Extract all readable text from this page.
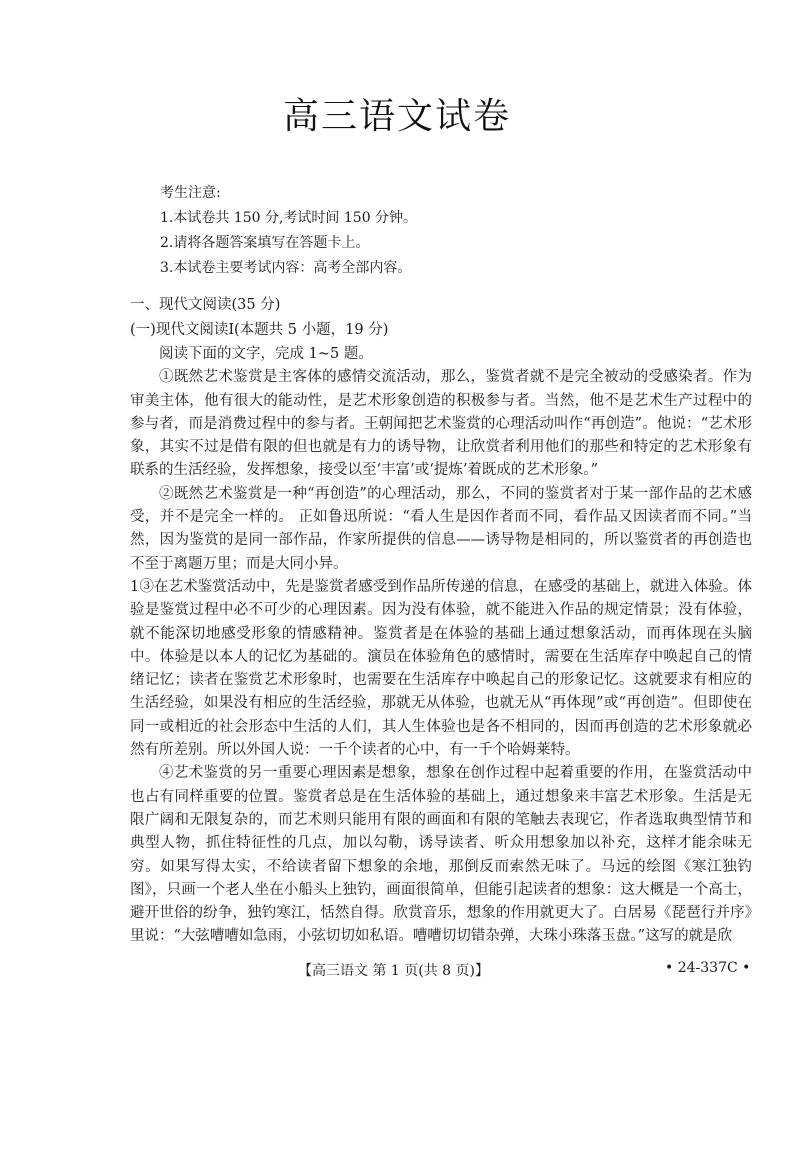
高三语文试卷
考生注意:
1.本试卷共 150 分,考试时间 150 分钟。
2.请将各题答案填写在答题卡上。
3.本试卷主要考试内容：高考全部内容。
一、现代文阅读(35 分)
(一)现代文阅读Ⅰ(本题共 5 小题，19 分)

阅读下面的文字，完成 1~5 题。

①既然艺术鉴赏是主客体的感情交流活动，那么，鉴赏者就不是完全被动的受感染者。作为审美主体，他有很大的能动性，是艺术形象创造的积极参与者。当然，他不是艺术生产过程中的参与者，而是消费过程中的参与者。王朝闻把艺术鉴赏的心理活动叫作“再创造”。他说：“艺术形象，其实不过是借有限的但也就是有力的诱导物，让欣赏者利用他们的那些和特定的艺术形象有联系的生活经验，发挥想象，接受以至‘丰富’或‘提炼’着既成的艺术形象。”

②既然艺术鉴赏是一种“再创造”的心理活动，那么，不同的鉴赏者对于某一部作品的艺术感受，并不是完全一样的。 正如鲁迅所说：“看人生是因作者而不同，看作品又因读者而不同。”当然，因为鉴赏的是同一部作品，作家所提供的信息——诱导物是相同的，所以鉴赏者的再创造也不至于离题万里；而是大同小异。

1③在艺术鉴赏活动中，先是鉴赏者感受到作品所传递的信息，在感受的基础上，就进入体验。体验是鉴赏过程中必不可少的心理因素。因为没有体验，就不能进入作品的规定情景；没有体验，就不能深切地感受形象的情感精神。鉴赏者是在体验的基础上通过想象活动，而再体现在头脑中。体验是以本人的记忆为基础的。演员在体验角色的感情时，需要在生活库存中唤起自己的情绪记忆；读者在鉴赏艺术形象时，也需要在生活库存中唤起自己的形象记忆。这就要求有相应的生活经验，如果没有相应的生活经验，那就无从体验，也就无从“再体现”或“再创造”。但即使在同一或相近的社会形态中生活的人们，其人生体验也是各不相同的，因而再创造的艺术形象就必然有所差别。所以外国人说：一千个读者的心中，有一千个哈姆莱特。

④艺术鉴赏的另一重要心理因素是想象，想象在创作过程中起着重要的作用，在鉴赏活动中也占有同样重要的位置。鉴赏者总是在生活体验的基础上，通过想象来丰富艺术形象。生活是无限广阔和无限复杂的，而艺术则只能用有限的画面和有限的笔触去表现它，作者选取典型情节和典型人物，抓住特征性的几点，加以勾勒，诱导读者、听众用想象加以补充，这样才能余味无穷。如果写得太实，不给读者留下想象的余地，那倒反而索然无味了。马远的绘图《寒江独钓图》，只画一个老人坐在小船头上独钓，画面很简单，但能引起读者的想象：这大概是一个高士，避开世俗的纷争，独钓寒江，恬然自得。欣赏音乐，想象的作用就更大了。白居易《琵琶行并序》里说：“大弦嘈嘈如急雨，小弦切切如私语。嘈嘈切切错杂弹，大珠小珠落玉盘。”这写的就是欣

【高三语文 第 1 页(共 8 页)】	• 24-337C •
